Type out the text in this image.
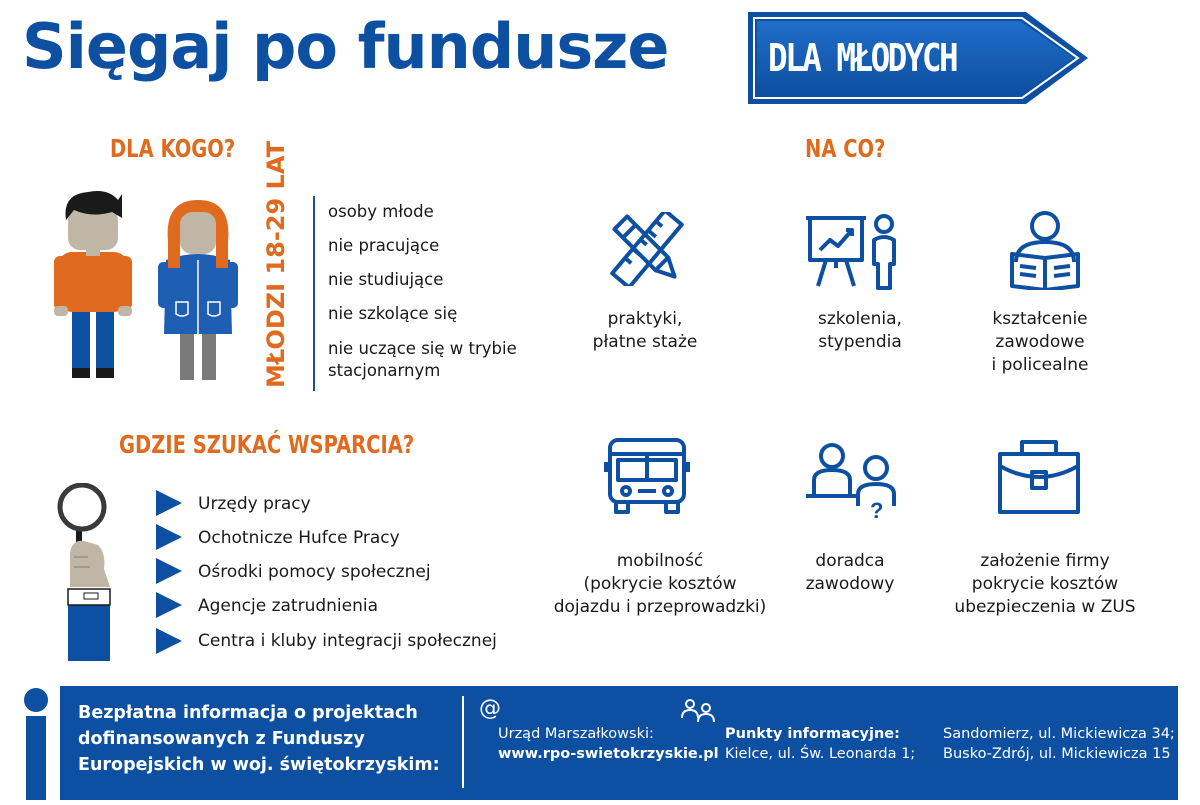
Sięgaj po fundusze	DLA MŁODYCH
DLA KOGO? MŁODZI 18-29 LAT osoby młode
nie pracujące
nie studiujące
nie szkolące się
nie uczące się w trybie
stacjonarnym
GDZIE SZUKAĆ WSPARCIA?
Urzędy pracy
Ochotnicze Hufce Pracy
Ośrodki pomocy społecznej
Agencje zatrudnienia
Centra i kluby integracji społecznej
NA CO?
praktyki,
płatne staże
szkolenia,
stypendia
kształcenie
zawodowe
i policealne
?
mobilność
(pokrycie kosztów
dojazdu i przeprowadzki)
doradca
zawodowy
założenie firmy
pokrycie kosztów
ubezpieczenia w ZUS
Bezpłatna informacja o projektach
dofinansowanych z Funduszy
Europejskich w woj. świętokrzyskim:
@
Urząd Marszałkowski:
www.rpo-swietokrzyskie.pl
Punkty informacyjne:
Kielce, ul. Św. Leonarda 1;
Sandomierz, ul. Mickiewicza 34;
Busko-Zdrój, ul. Mickiewicza 15
